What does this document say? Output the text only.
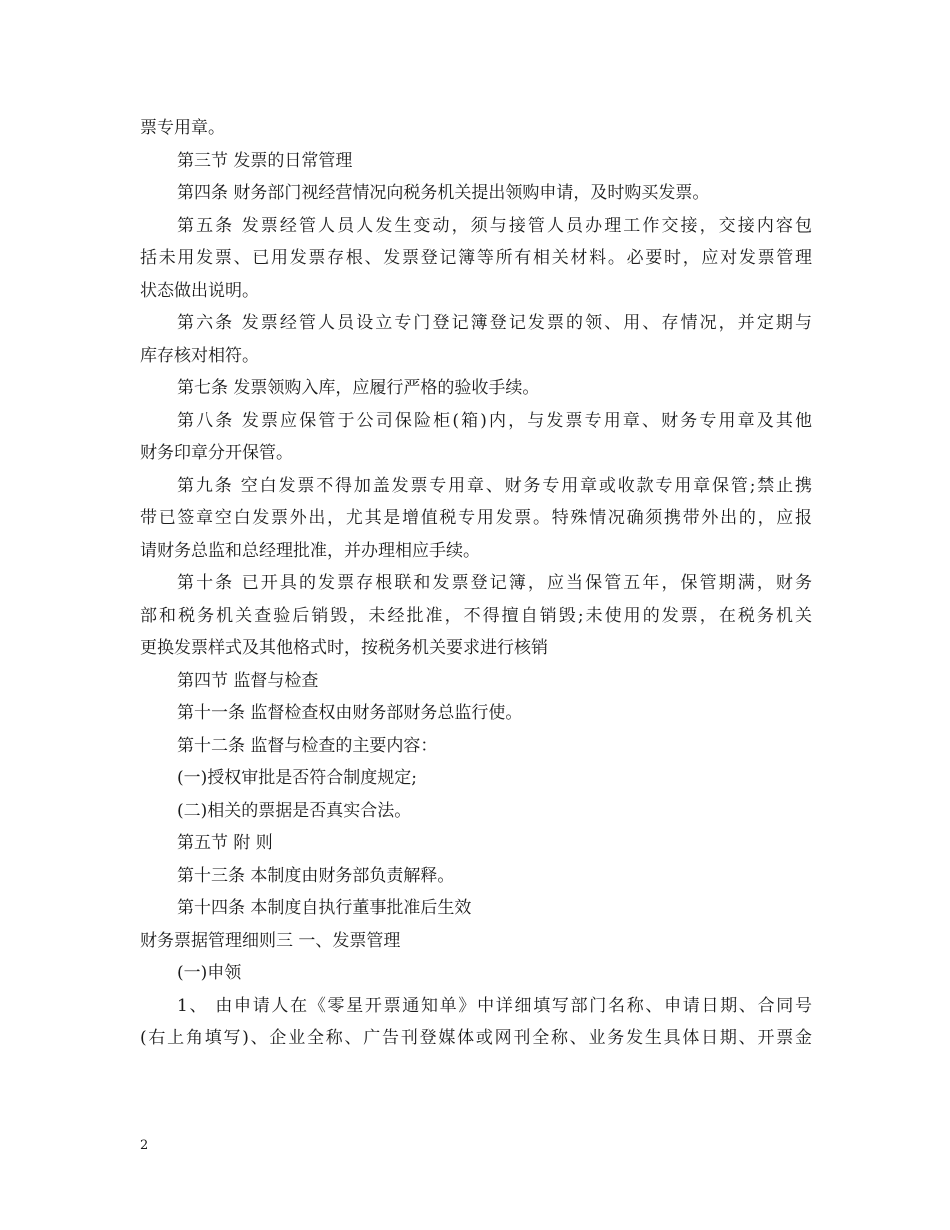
票专用章。
第三节 发票的日常管理
第四条 财务部门视经营情况向税务机关提出领购申请，及时购买发票。
第五条 发票经管人员人发生变动，须与接管人员办理工作交接，交接内容包
括未用发票、已用发票存根、发票登记簿等所有相关材料。必要时，应对发票管理
状态做出说明。
第六条 发票经管人员设立专门登记簿登记发票的领、用、存情况，并定期与
库存核对相符。
第七条 发票领购入库，应履行严格的验收手续。
第八条 发票应保管于公司保险柜(箱)内，与发票专用章、财务专用章及其他
财务印章分开保管。
第九条 空白发票不得加盖发票专用章、财务专用章或收款专用章保管;禁止携
带已签章空白发票外出，尤其是增值税专用发票。特殊情况确须携带外出的，应报
请财务总监和总经理批准，并办理相应手续。
第十条 已开具的发票存根联和发票登记簿，应当保管五年，保管期满，财务
部和税务机关查验后销毁，未经批准，不得擅自销毁;未使用的发票，在税务机关
更换发票样式及其他格式时，按税务机关要求进行核销
第四节 监督与检查
第十一条 监督检查权由财务部财务总监行使。
第十二条 监督与检查的主要内容：
(一)授权审批是否符合制度规定;
(二)相关的票据是否真实合法。
第五节 附 则
第十三条 本制度由财务部负责解释。
第十四条 本制度自执行董事批准后生效
财务票据管理细则三 一、发票管理
(一)申领
1、 由申请人在《零星开票通知单》中详细填写部门名称、申请日期、合同号
(右上角填写)、企业全称、广告刊登媒体或网刊全称、业务发生具体日期、开票金
2
